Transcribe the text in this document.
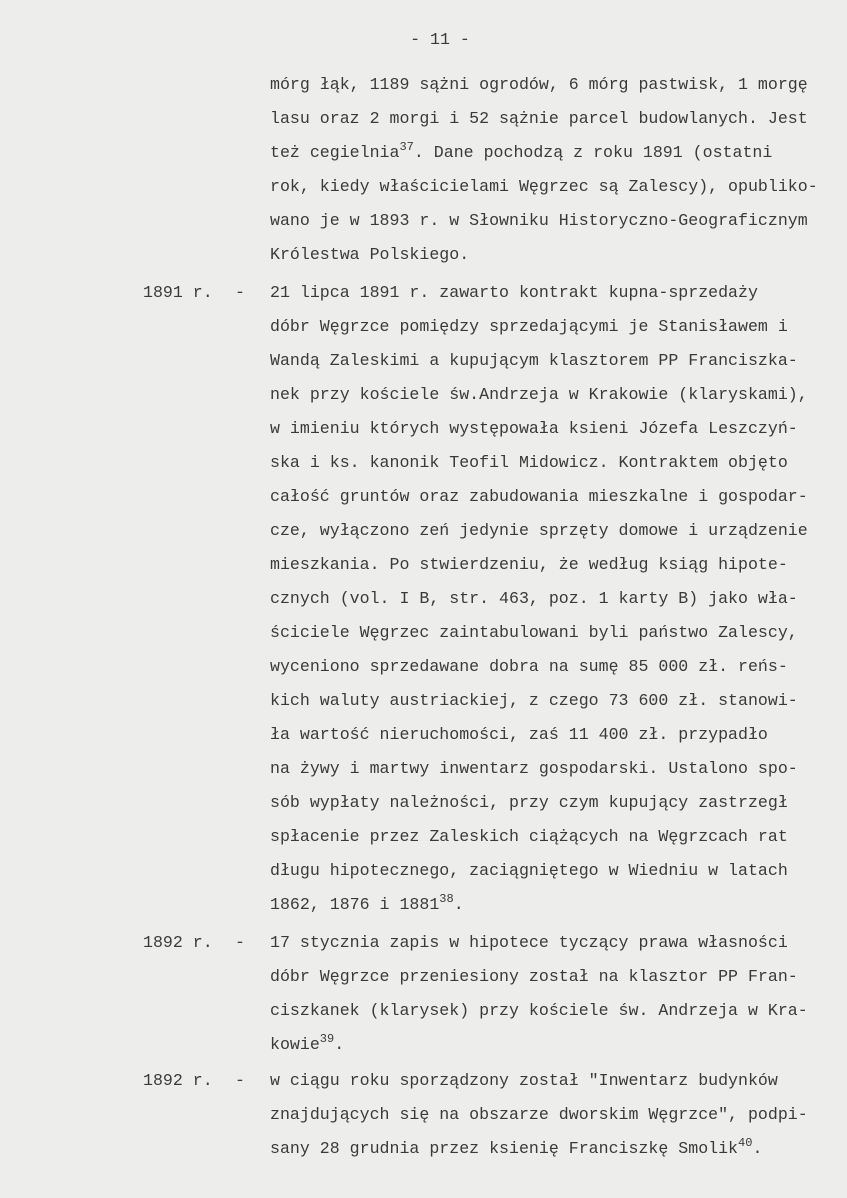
- 11 -
mórg łąk, 1189 sążni ogrodów, 6 mórg pastwisk, 1 morgę
lasu oraz 2 morgi i 52 sążnie parcel budowlanych. Jest
też cegielnia$^{37}$. Dane pochodzą z roku 1891 (ostatni
rok, kiedy właścicielami Węgrzec są Zalescy), opubliko-
wano je w 1893 r. w Słowniku Historyczno-Geograficznym
Królestwa Polskiego.
1891 r. - 21 lipca 1891 r. zawarto kontrakt kupna-sprzedaży
dóbr Węgrzce pomiędzy sprzedającymi je Stanisławem i
Wandą Zaleskimi a kupującym klasztorem PP Franciszka-
nek przy kościele św.Andrzeja w Krakowie (klaryskami),
w imieniu których występowała ksieni Józefa Leszczyń-
ska i ks. kanonik Teofil Midowicz. Kontraktem objęto
całość gruntów oraz zabudowania mieszkalne i gospodar-
cze, wyłączono zeń jedynie sprzęty domowe i urządzenie
mieszkania. Po stwierdzeniu, że według ksiąg hipote-
cznych (vol. I B, str. 463, poz. 1 karty B) jako wła-
ściciele Węgrzec zaintabulowani byli państwo Zalescy,
wyceniono sprzedawane dobra na sumę 85 000 zł. reńs-
kich waluty austriackiej, z czego 73 600 zł. stanowi-
ła wartość nieruchomości, zaś 11 400 zł. przypadło
na żywy i martwy inwentarz gospodarski. Ustalono spo-
sób wypłaty należności, przy czym kupujący zastrzegł
spłacenie przez Zaleskich ciążących na Węgrzcach rat
długu hipotecznego, zaciągniętego w Wiedniu w latach
1862, 1876 i 1881$^{38}$.
1892 r. - 17 stycznia zapis w hipotece tyczący prawa własności
dóbr Węgrzce przeniesiony został na klasztor PP Fran-
ciszkanek (klarysek) przy kościele św. Andrzeja w Kra-
kowie$^{39}$.
1892 r. - w ciągu roku sporządzony został "Inwentarz budynków
znajdujących się na obszarze dworskim Węgrzce", podpi-
sany 28 grudnia przez ksienię Franciszkę Smolik$^{40}$.
